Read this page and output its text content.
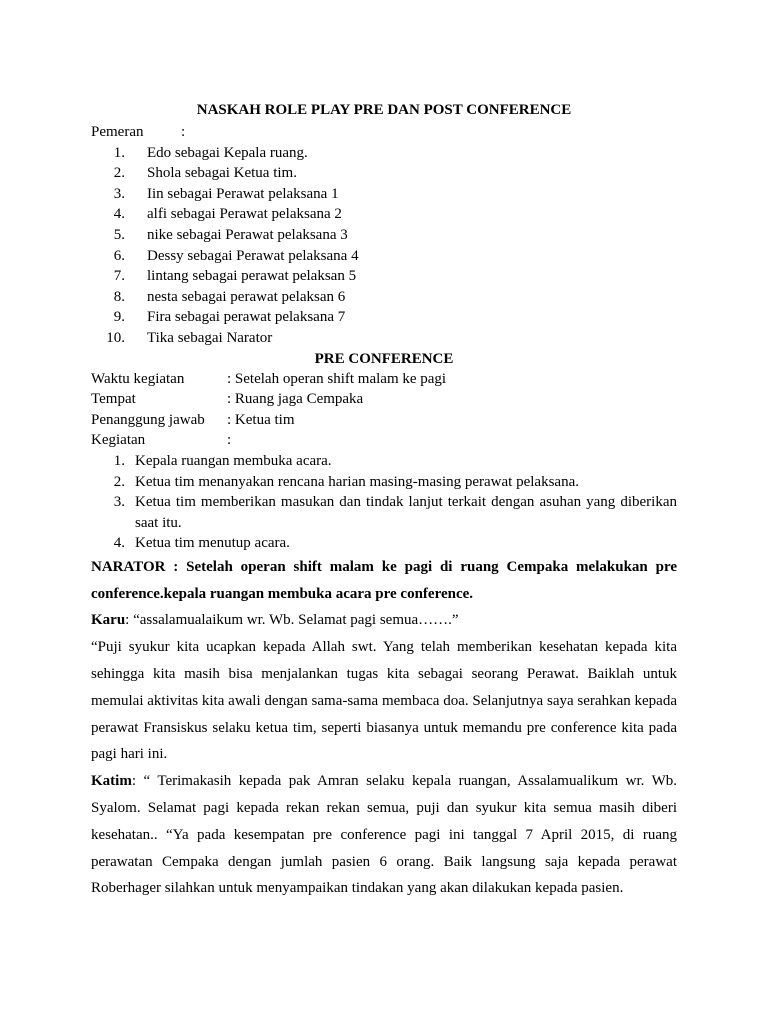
NASKAH ROLE PLAY PRE DAN POST CONFERENCE

Pemeran	:
1.	Edo sebagai Kepala ruang.
2.	Shola sebagai Ketua tim.
3.	Iin sebagai Perawat pelaksana 1
4.	alfi sebagai Perawat pelaksana 2
5.	nike sebagai Perawat pelaksana 3
6.	Dessy sebagai Perawat pelaksana 4
7.	lintang sebagai perawat pelaksan 5
8.	nesta sebagai perawat pelaksan 6
9.	Fira sebagai perawat pelaksana 7
10.	Tika sebagai Narator
PRE CONFERENCE
Waktu kegiatan	: Setelah operan shift malam ke pagi
Tempat	: Ruang jaga Cempaka
Penanggung jawab	: Ketua tim
Kegiatan	:
1. Kepala ruangan membuka acara.
2. Ketua tim menanyakan rencana harian masing-masing perawat pelaksana.
3. Ketua tim memberikan masukan dan tindak lanjut terkait dengan asuhan yang diberikan saat itu.
4. Ketua tim menutup acara.

NARATOR : Setelah operan shift malam ke pagi di ruang Cempaka melakukan pre conference.kepala ruangan membuka acara pre conference.

Karu: “assalamualaikum wr. Wb. Selamat pagi semua…….”

“Puji syukur kita ucapkan kepada Allah swt. Yang telah memberikan kesehatan kepada kita sehingga kita masih bisa menjalankan tugas kita sebagai seorang Perawat. Baiklah untuk memulai aktivitas kita awali dengan sama-sama membaca doa. Selanjutnya saya serahkan kepada perawat Fransiskus selaku ketua tim, seperti biasanya untuk memandu pre conference kita pada pagi hari ini.

Katim: “ Terimakasih kepada pak Amran selaku kepala ruangan, Assalamualikum wr. Wb. Syalom. Selamat pagi kepada rekan rekan semua, puji dan syukur kita semua masih diberi kesehatan.. “Ya pada kesempatan pre conference pagi ini tanggal 7 April 2015, di ruang perawatan Cempaka dengan jumlah pasien 6 orang. Baik langsung saja kepada perawat Roberhager silahkan untuk menyampaikan tindakan yang akan dilakukan kepada pasien.
